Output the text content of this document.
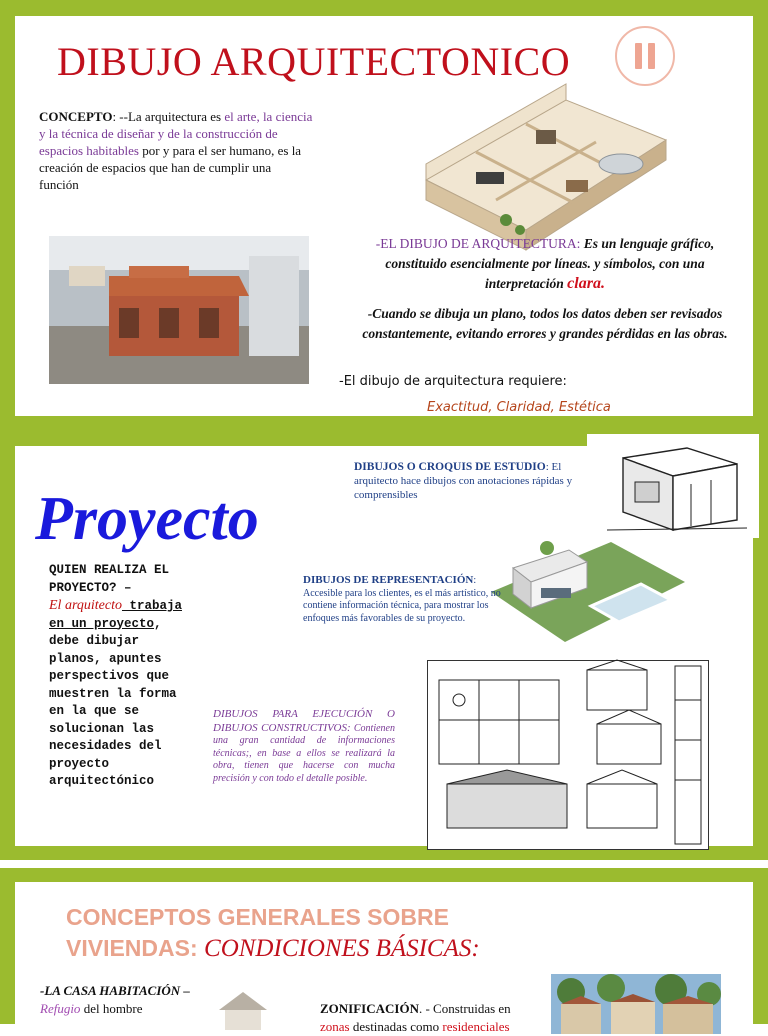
DIBUJO ARQUITECTONICO
CONCEPTO: --La arquitectura es el arte, la ciencia y la técnica de diseñar y de la construcción de espacios habitables por y para el ser humano, es la creación de espacios que han de cumplir una función
-EL DIBUJO DE ARQUITECTURA: Es un lenguaje gráfico, constituido esencialmente por líneas. y símbolos, con una interpretación clara.
-Cuando se dibuja un plano, todos los datos deben ser revisados constantemente, evitando errores y grandes pérdidas en las obras.
-El dibujo de arquitectura requiere:
Exactitud, Claridad, Estética
Proyecto
QUIEN REALIZA EL PROYECTO? –
El arquitecto trabaja en un proyecto, debe dibujar planos, apuntes perspectivos que muestren la forma en la que se solucionan las necesidades del proyecto arquitectónico
DIBUJOS O CROQUIS DE ESTUDIO: El arquitecto hace dibujos con anotaciones rápidas y comprensibles
DIBUJOS DE REPRESENTACIÓN: Accesible para los clientes, es el más artístico, no contiene información técnica, para mostrar los enfoques más favorables de su proyecto.
DIBUJOS PARA EJECUCIÓN O DIBUJOS CONSTRUCTIVOS: Contienen una gran cantidad de informaciones técnicas;, en base a ellos se realizará la obra, tienen que hacerse con mucha precisión y con todo el detalle posible.
CONCEPTOS GENERALES SOBRE VIVIENDAS: CONDICIONES BÁSICAS:
-LA CASA HABITACIÓN –
Refugio del hombre	ZONIFICACIÓN. - Construidas en zonas destinadas como residenciales
